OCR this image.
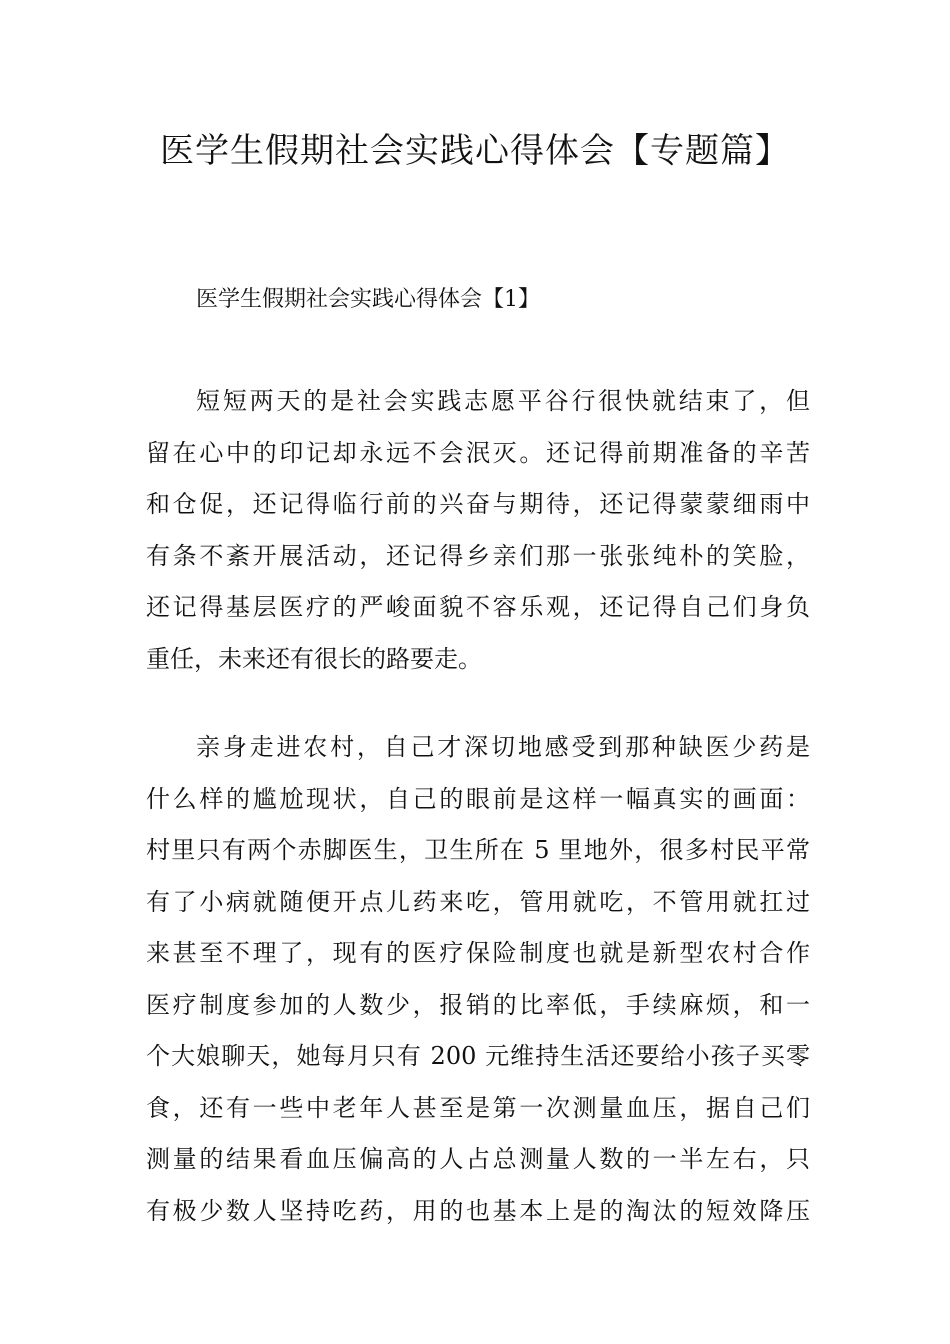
医学生假期社会实践心得体会【专题篇】

医学生假期社会实践心得体会【1】

短短两天的是社会实践志愿平谷行很快就结束了，但
留在心中的印记却永远不会泯灭。还记得前期准备的辛苦
和仓促，还记得临行前的兴奋与期待，还记得蒙蒙细雨中
有条不紊开展活动，还记得乡亲们那一张张纯朴的笑脸，
还记得基层医疗的严峻面貌不容乐观，还记得自己们身负
重任，未来还有很长的路要走。
亲身走进农村，自己才深切地感受到那种缺医少药是
什么样的尴尬现状，自己的眼前是这样一幅真实的画面：
村里只有两个赤脚医生，卫生所在 5 里地外，很多村民平常
有了小病就随便开点儿药来吃，管用就吃，不管用就扛过
来甚至不理了，现有的医疗保险制度也就是新型农村合作
医疗制度参加的人数少，报销的比率低，手续麻烦，和一
个大娘聊天，她每月只有 200 元维持生活还要给小孩子买零
食，还有一些中老年人甚至是第一次测量血压，据自己们
测量的结果看血压偏高的人占总测量人数的一半左右，只
有极少数人坚持吃药，用的也基本上是的淘汰的短效降压
